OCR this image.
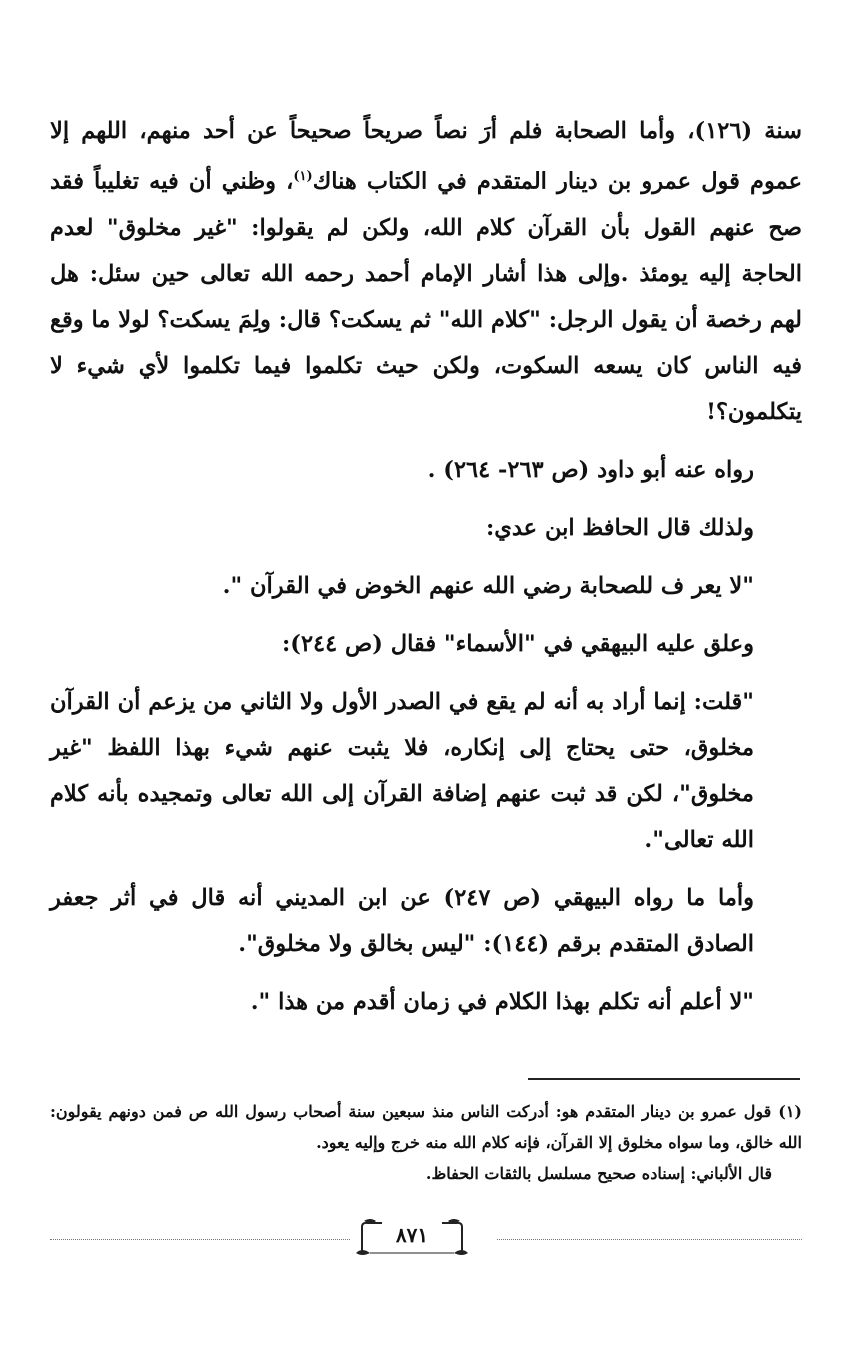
سنة (١٢٦)، وأما الصحابة فلم أرَ نصاً صريحاً صحيحاً عن أحد منهم، اللهم إلا عموم قول عمرو بن دينار المتقدم في الكتاب هناك$^{(١)}$، وظني أن فيه تغليباً فقد صح عنهم القول بأن القرآن كلام الله، ولكن لم يقولوا: "غير مخلوق" لعدم الحاجة إليه يومئذ .وإلى هذا أشار الإمام أحمد رحمه الله تعالى حين سئل: هل لهم رخصة أن يقول الرجل: "كلام الله" ثم يسكت؟ قال: ولِمَ يسكت؟ لولا ما وقع فيه الناس كان يسعه السكوت، ولكن حيث تكلموا فيما تكلموا لأي شيء لا يتكلمون؟!

رواه عنه أبو داود (ص ٢٦٣- ٢٦٤) .

ولذلك قال الحافظ ابن عدي:

"لا يعر ف للصحابة رضي الله عنهم الخوض في القرآن ".

وعلق عليه البيهقي في "الأسماء" فقال (ص ٢٤٤):

"قلت: إنما أراد به أنه لم يقع في الصدر الأول ولا الثاني من يزعم أن القرآن مخلوق، حتى يحتاج إلى إنكاره، فلا يثبت عنهم شيء بهذا اللفظ "غير مخلوق"، لكن قد ثبت عنهم إضافة القرآن إلى الله تعالى وتمجيده بأنه كلام الله تعالى".

وأما ما رواه البيهقي (ص ٢٤٧) عن ابن المديني أنه قال في أثر جعفر الصادق المتقدم برقم (١٤٤): "ليس بخالق ولا مخلوق".

"لا أعلم أنه تكلم بهذا الكلام في زمان أقدم من هذا ".

(١) قول عمرو بن دينار المتقدم هو: أدركت الناس منذ سبعين سنة أصحاب رسول الله ص فمن دونهم يقولون: الله خالق، وما سواه مخلوق إلا القرآن، فإنه كلام الله منه خرج وإليه يعود.

قال الألباني: إسناده صحيح مسلسل بالثقات الحفاظ.

٨٧١
